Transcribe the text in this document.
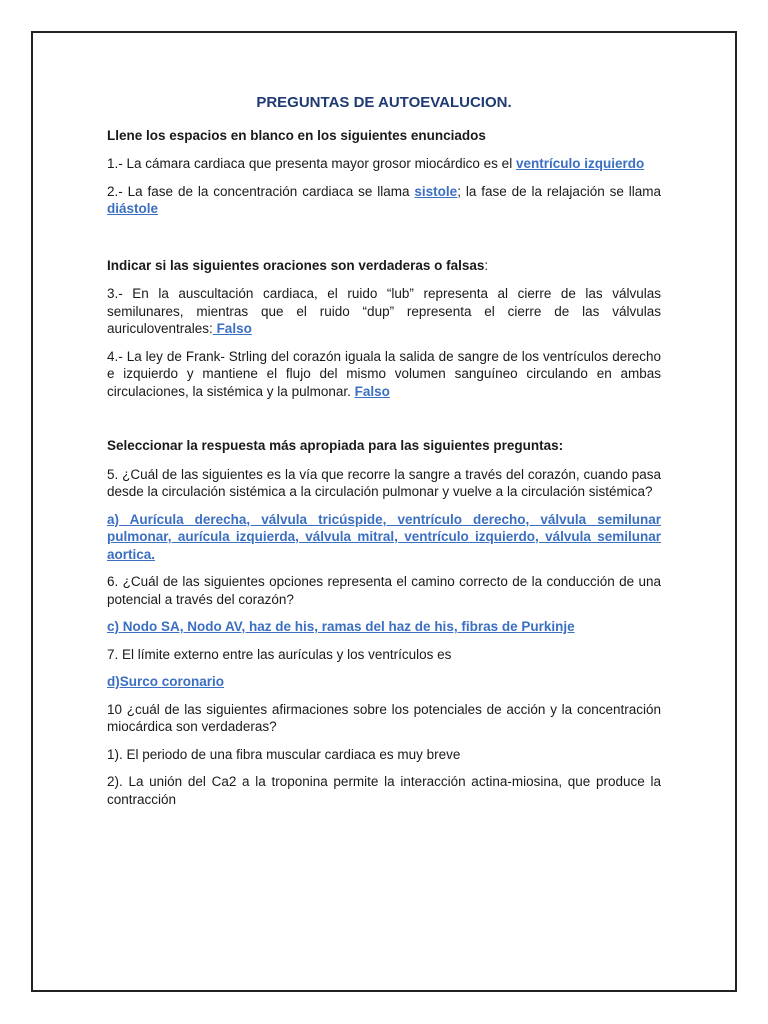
PREGUNTAS DE AUTOEVALUCION.
Llene los espacios en blanco en los siguientes enunciados

1.- La cámara cardiaca que presenta mayor grosor miocárdico es el ventrículo izquierdo

2.- La fase de la concentración cardiaca se llama sistole; la fase de la relajación se llama diástole

Indicar si las siguientes oraciones son verdaderas o falsas:

3.- En la auscultación cardiaca, el ruido “lub” representa al cierre de las válvulas semilunares, mientras que el ruido “dup” representa el cierre de las válvulas auriculoventrales: Falso

4.- La ley de Frank- Strling del corazón iguala la salida de sangre de los ventrículos derecho e izquierdo y mantiene el flujo del mismo volumen sanguíneo circulando en ambas circulaciones, la sistémica y la pulmonar. Falso

Seleccionar la respuesta más apropiada para las siguientes preguntas:

5. ¿Cuál de las siguientes es la vía que recorre la sangre a través del corazón, cuando pasa desde la circulación sistémica a la circulación pulmonar y vuelve a la circulación sistémica?

a) Aurícula derecha, válvula tricúspide, ventrículo derecho, válvula semilunar pulmonar, aurícula izquierda, válvula mitral, ventrículo izquierdo, válvula semilunar aortica.

6. ¿Cuál de las siguientes opciones representa el camino correcto de la conducción de una potencial a través del corazón?

c) Nodo SA, Nodo AV, haz de his, ramas del haz de his, fibras de Purkinje

7. El límite externo entre las aurículas y los ventrículos es

d)Surco coronario

10 ¿cuál de las siguientes afirmaciones sobre los potenciales de acción y la concentración miocárdica son verdaderas?

1). El periodo de una fibra muscular cardiaca es muy breve

2). La unión del Ca2 a la troponina permite la interacción actina-miosina, que produce la contracción
